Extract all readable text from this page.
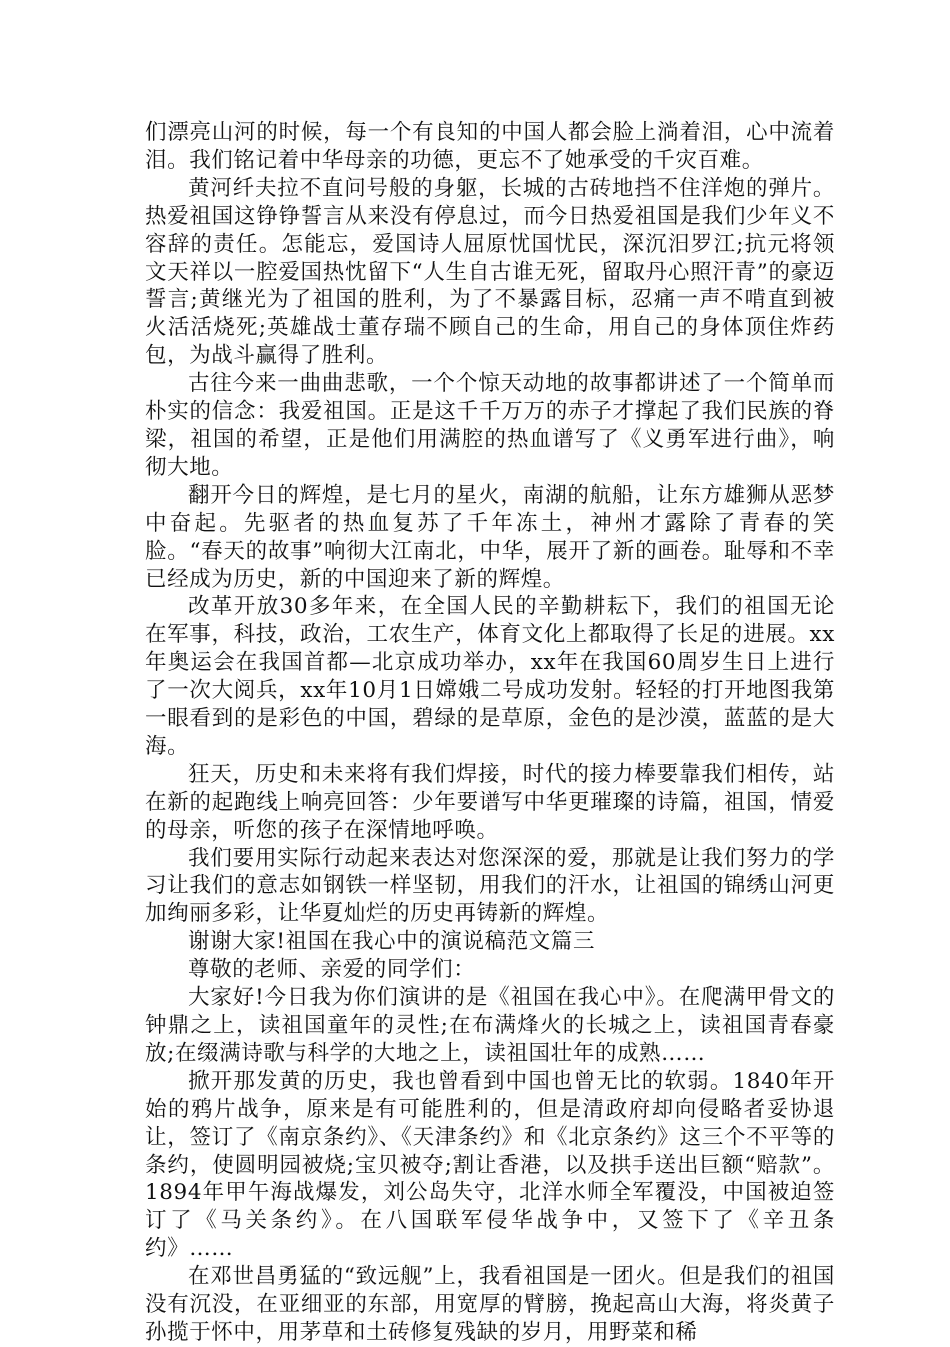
们漂亮山河的时候，每一个有良知的中国人都会脸上淌着泪，心中流着泪。我们铭记着中华母亲的功德，更忘不了她承受的千灾百难。

黄河纤夫拉不直问号般的身躯，长城的古砖地挡不住洋炮的弹片。热爱祖国这铮铮誓言从来没有停息过，而今日热爱祖国是我们少年义不容辞的责任。怎能忘，爱国诗人屈原忧国忧民，深沉汨罗江;抗元将领文天祥以一腔爱国热忱留下“人生自古谁无死，留取丹心照汗青”的豪迈誓言;黄继光为了祖国的胜利，为了不暴露目标，忍痛一声不啃直到被火活活烧死;英雄战士董存瑞不顾自己的生命，用自己的身体顶住炸药包，为战斗赢得了胜利。

古往今来一曲曲悲歌，一个个惊天动地的故事都讲述了一个简单而朴实的信念：我爱祖国。正是这千千万万的赤子才撑起了我们民族的脊梁，祖国的希望，正是他们用满腔的热血谱写了《义勇军进行曲》，响彻大地。

翻开今日的辉煌，是七月的星火，南湖的航船，让东方雄狮从恶梦中奋起。先驱者的热血复苏了千年冻土，神州才露除了青春的笑脸。“春天的故事”响彻大江南北，中华，展开了新的画卷。耻辱和不幸已经成为历史，新的中国迎来了新的辉煌。

改革开放30多年来，在全国人民的辛勤耕耘下，我们的祖国无论在军事，科技，政治，工农生产，体育文化上都取得了长足的进展。xx年奥运会在我国首都—北京成功举办，xx年在我国60周岁生日上进行了一次大阅兵，xx年10月1日嫦娥二号成功发射。轻轻的打开地图我第一眼看到的是彩色的中国，碧绿的是草原，金色的是沙漠，蓝蓝的是大海。

狂天，历史和未来将有我们焊接，时代的接力棒要靠我们相传，站在新的起跑线上响亮回答：少年要谱写中华更璀璨的诗篇，祖国，情爱的母亲，听您的孩子在深情地呼唤。

我们要用实际行动起来表达对您深深的爱，那就是让我们努力的学习让我们的意志如钢铁一样坚韧，用我们的汗水，让祖国的锦绣山河更加绚丽多彩，让华夏灿烂的历史再铸新的辉煌。

谢谢大家!祖国在我心中的演说稿范文篇三

尊敬的老师、亲爱的同学们：

大家好!今日我为你们演讲的是《祖国在我心中》。在爬满甲骨文的钟鼎之上，读祖国童年的灵性;在布满烽火的长城之上，读祖国青春豪放;在缀满诗歌与科学的大地之上，读祖国壮年的成熟……

掀开那发黄的历史，我也曾看到中国也曾无比的软弱。1840年开始的鸦片战争，原来是有可能胜利的，但是清政府却向侵略者妥协退让，签订了《南京条约》、《天津条约》和《北京条约》这三个不平等的条约，使圆明园被烧;宝贝被夺;割让香港，以及拱手送出巨额“赔款”。1894年甲午海战爆发，刘公岛失守，北洋水师全军覆没，中国被迫签订了《马关条约》。在八国联军侵华战争中，又签下了《辛丑条约》……

在邓世昌勇猛的“致远舰”上，我看祖国是一团火。但是我们的祖国没有沉没，在亚细亚的东部，用宽厚的臂膀，挽起高山大海，将炎黄子孙揽于怀中，用茅草和土砖修复残缺的岁月，用野菜和稀
